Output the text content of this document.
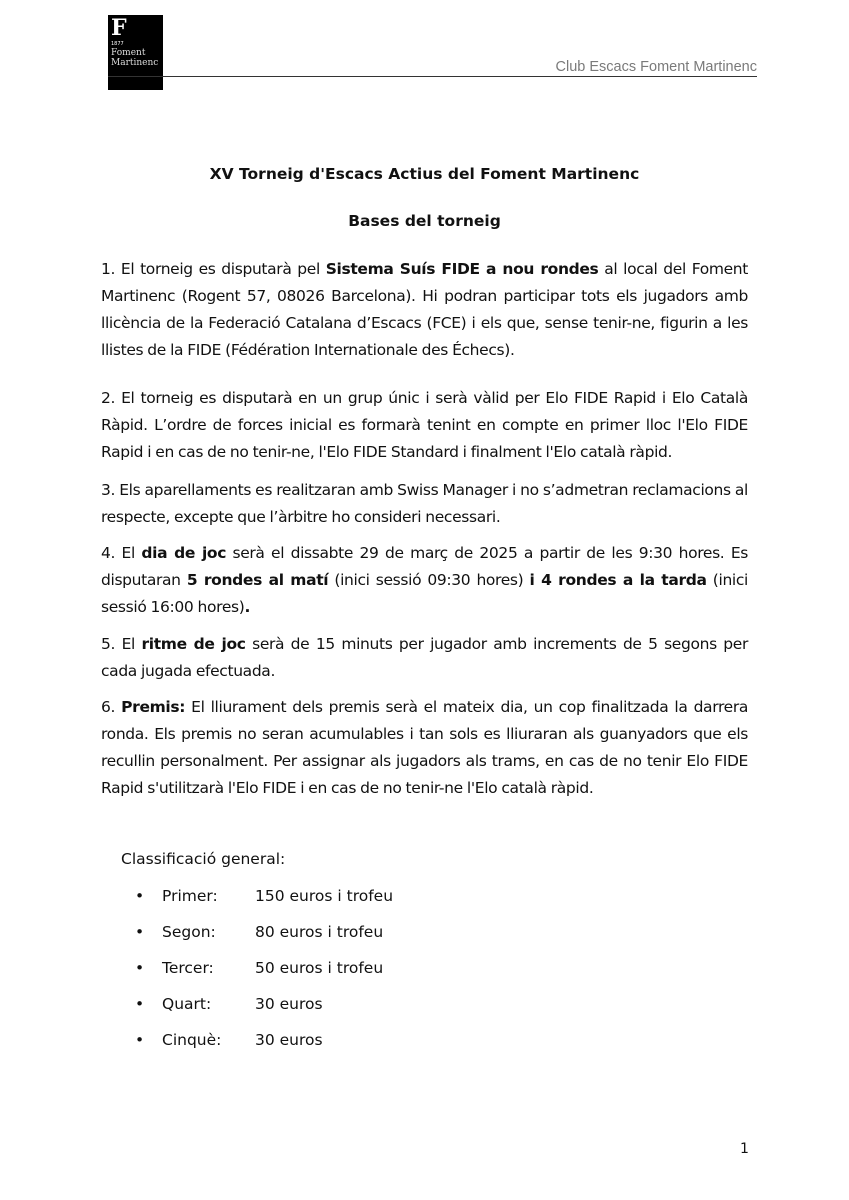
F
1877
Foment
Martinenc	Club Escacs Foment Martinenc
XV Torneig d'Escacs Actius del Foment Martinenc
Bases del torneig
1. El torneig es disputarà pel Sistema Suís FIDE a nou rondes al local del Foment Martinenc (Rogent 57, 08026 Barcelona). Hi podran participar tots els jugadors amb llicència de la Federació Catalana d’Escacs (FCE) i els que, sense tenir-ne, figurin a les llistes de la FIDE (Fédération Internationale des Échecs).
2. El torneig es disputarà en un grup únic i serà vàlid per Elo FIDE Rapid i Elo Català Ràpid. L’ordre de forces inicial es formarà tenint en compte en primer lloc l'Elo FIDE Rapid i en cas de no tenir-ne, l'Elo FIDE Standard i finalment l'Elo català ràpid.
3. Els aparellaments es realitzaran amb Swiss Manager i no s’admetran reclamacions al respecte, excepte que l’àrbitre ho consideri necessari.
4. El dia de joc serà el dissabte 29 de març de 2025 a partir de les 9:30 hores. Es disputaran 5 rondes al matí (inici sessió 09:30 hores) i 4 rondes a la tarda (inici sessió 16:00 hores).
5. El ritme de joc serà de 15 minuts per jugador amb increments de 5 segons per cada jugada efectuada.
6. Premis: El lliurament dels premis serà el mateix dia, un cop finalitzada la darrera ronda. Els premis no seran acumulables i tan sols es lliuraran als guanyadors que els recullin personalment. Per assignar als jugadors als trams, en cas de no tenir Elo FIDE Rapid s'utilitzarà l'Elo FIDE i en cas de no tenir-ne l'Elo català ràpid.
Classificació general:
• Primer: 150 euros i trofeu
• Segon:	80 euros i trofeu
• Tercer:	50 euros i trofeu
• Quart:	30 euros
• Cinquè: 30 euros
1
